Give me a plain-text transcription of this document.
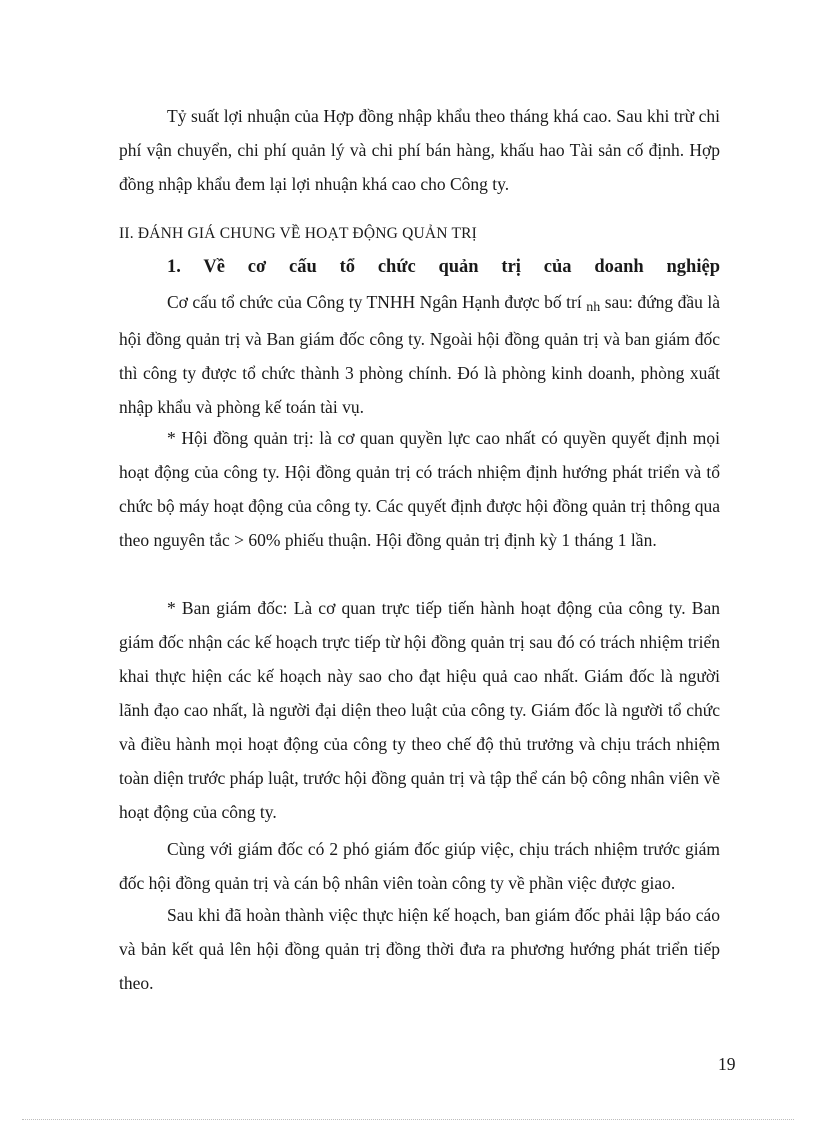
Tỷ suất lợi nhuận của Hợp đồng nhập khẩu theo tháng khá cao. Sau khi trừ chi phí vận chuyển, chi phí quản lý và chi phí bán hàng, khấu hao Tài sản cố định. Hợp đồng nhập khẩu đem lại lợi nhuận khá cao cho Công ty.

II. ĐÁNH GIÁ CHUNG VỀ HOẠT ĐỘNG QUẢN TRỊ

1. Về cơ cấu tổ chức quản trị của doanh nghiệp

Cơ cấu tổ chức của Công ty TNHH Ngân Hạnh được bố trí nh sau: đứng đầu là hội đồng quản trị và Ban giám đốc công ty. Ngoài hội đồng quản trị và ban giám đốc thì công ty được tổ chức thành 3 phòng chính. Đó là phòng kinh doanh, phòng xuất nhập khẩu và phòng kế toán tài vụ.

* Hội đồng quản trị: là cơ quan quyền lực cao nhất có quyền quyết định mọi hoạt động của công ty. Hội đồng quản trị có trách nhiệm định hướng phát triển và tổ chức bộ máy hoạt động của công ty. Các quyết định được hội đồng quản trị thông qua theo nguyên tắc > 60% phiếu thuận. Hội đồng quản trị định kỳ 1 tháng 1 lần.

* Ban giám đốc: Là cơ quan trực tiếp tiến hành hoạt động của công ty. Ban giám đốc nhận các kế hoạch trực tiếp từ hội đồng quản trị sau đó có trách nhiệm triển khai thực hiện các kế hoạch này sao cho đạt hiệu quả cao nhất. Giám đốc là người lãnh đạo cao nhất, là người đại diện theo luật của công ty. Giám đốc là người tổ chức và điều hành mọi hoạt động của công ty theo chế độ thủ trưởng và chịu trách nhiệm toàn diện trước pháp luật, trước hội đồng quản trị và tập thể cán bộ công nhân viên về hoạt động của công ty.

Cùng với giám đốc có 2 phó giám đốc giúp việc, chịu trách nhiệm trước giám đốc hội đồng quản trị và cán bộ nhân viên toàn công ty về phần việc được giao.

Sau khi đã hoàn thành việc thực hiện kế hoạch, ban giám đốc phải lập báo cáo và bản kết quả lên hội đồng quản trị đồng thời đưa ra phương hướng phát triển tiếp theo.

19
